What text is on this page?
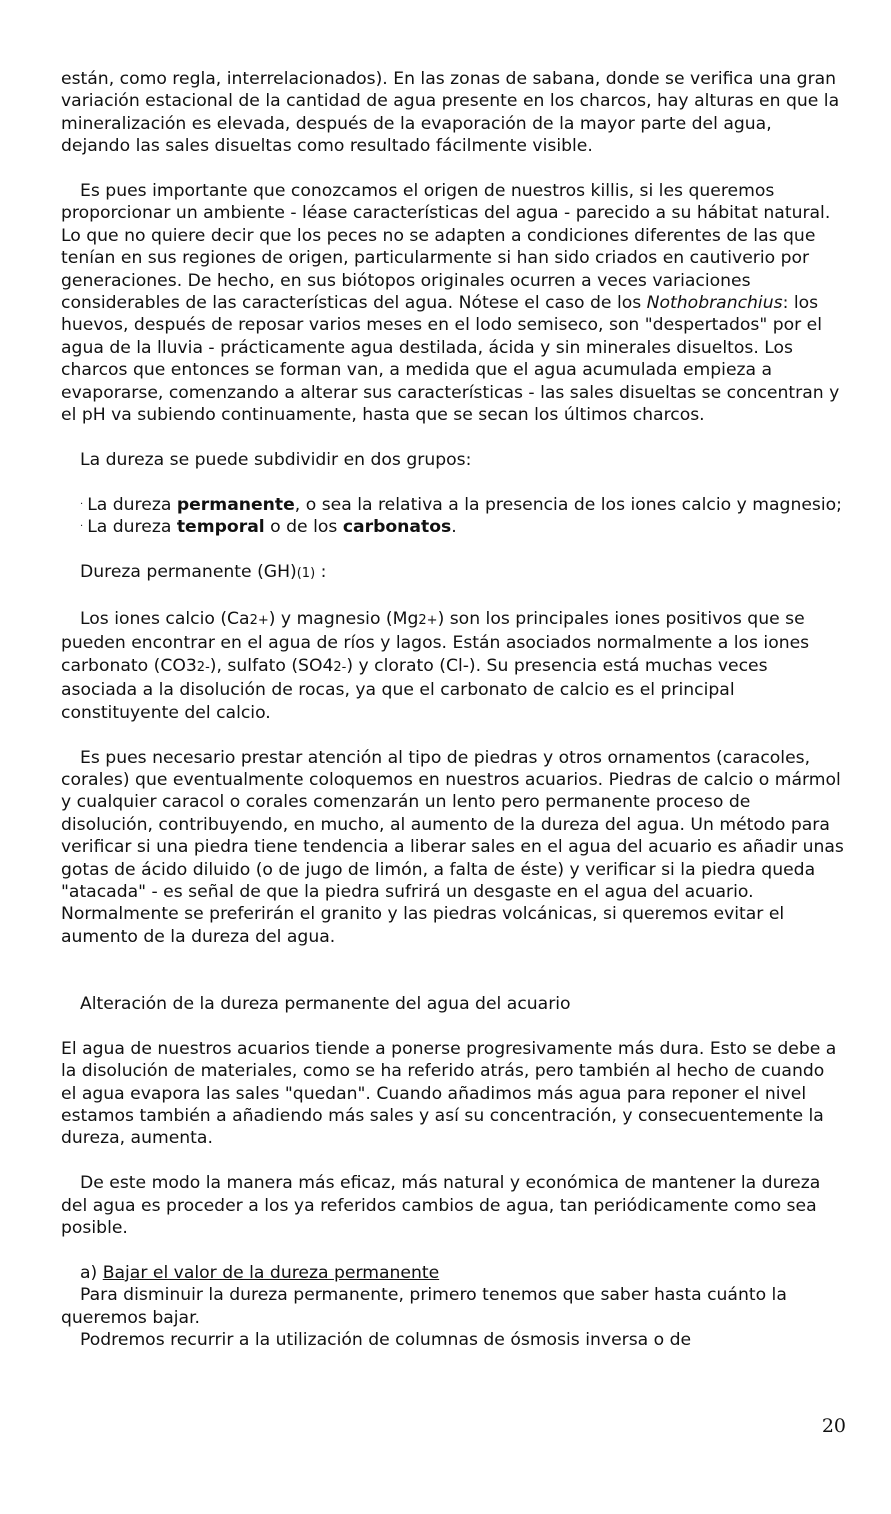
están, como regla, interrelacionados). En las zonas de sabana, donde se verifica una gran variación estacional de la cantidad de agua presente en los charcos, hay alturas en que la mineralización es elevada, después de la evaporación de la mayor parte del agua, dejando las sales disueltas como resultado fácilmente visible.

Es pues importante que conozcamos el origen de nuestros killis, si les queremos proporcionar un ambiente - léase características del agua - parecido a su hábitat natural. Lo que no quiere decir que los peces no se adapten a condiciones diferentes de las que tenían en sus regiones de origen, particularmente si han sido criados en cautiverio por generaciones. De hecho, en sus biótopos originales ocurren a veces variaciones considerables de las características del agua. Nótese el caso de los Nothobranchius: los huevos, después de reposar varios meses en el lodo semiseco, son "despertados" por el agua de la lluvia - prácticamente agua destilada, ácida y sin minerales disueltos. Los charcos que entonces se forman van, a medida que el agua acumulada empieza a evaporarse, comenzando a alterar sus características - las sales disueltas se concentran y el pH va subiendo continuamente, hasta que se secan los últimos charcos.

La dureza se puede subdividir en dos grupos:

· La dureza permanente, o sea la relativa a la presencia de los iones calcio y magnesio;

· La dureza temporal o de los carbonatos.

Dureza permanente (GH)(1) :

Los iones calcio (Ca2+) y magnesio (Mg2+) son los principales iones positivos que se pueden encontrar en el agua de ríos y lagos. Están asociados normalmente a los iones carbonato (CO32-), sulfato (SO42-) y clorato (Cl-). Su presencia está muchas veces asociada a la disolución de rocas, ya que el carbonato de calcio es el principal constituyente del calcio.

Es pues necesario prestar atención al tipo de piedras y otros ornamentos (caracoles, corales) que eventualmente coloquemos en nuestros acuarios. Piedras de calcio o mármol y cualquier caracol o corales comenzarán un lento pero permanente proceso de disolución, contribuyendo, en mucho, al aumento de la dureza del agua. Un método para verificar si una piedra tiene tendencia a liberar sales en el agua del acuario es añadir unas gotas de ácido diluido (o de jugo de limón, a falta de éste) y verificar si la piedra queda "atacada" - es señal de que la piedra sufrirá un desgaste en el agua del acuario. Normalmente se preferirán el granito y las piedras volcánicas, si queremos evitar el aumento de la dureza del agua.

Alteración de la dureza permanente del agua del acuario

El agua de nuestros acuarios tiende a ponerse progresivamente más dura. Esto se debe a la disolución de materiales, como se ha referido atrás, pero también al hecho de cuando el agua evapora las sales "quedan". Cuando añadimos más agua para reponer el nivel estamos también a añadiendo más sales y así su concentración, y consecuentemente la dureza, aumenta.

De este modo la manera más eficaz, más natural y económica de mantener la dureza del agua es proceder a los ya referidos cambios de agua, tan periódicamente como sea posible.

a) Bajar el valor de la dureza permanente

Para disminuir la dureza permanente, primero tenemos que saber hasta cuánto la queremos bajar.

Podremos recurrir a la utilización de columnas de ósmosis inversa o de

20
